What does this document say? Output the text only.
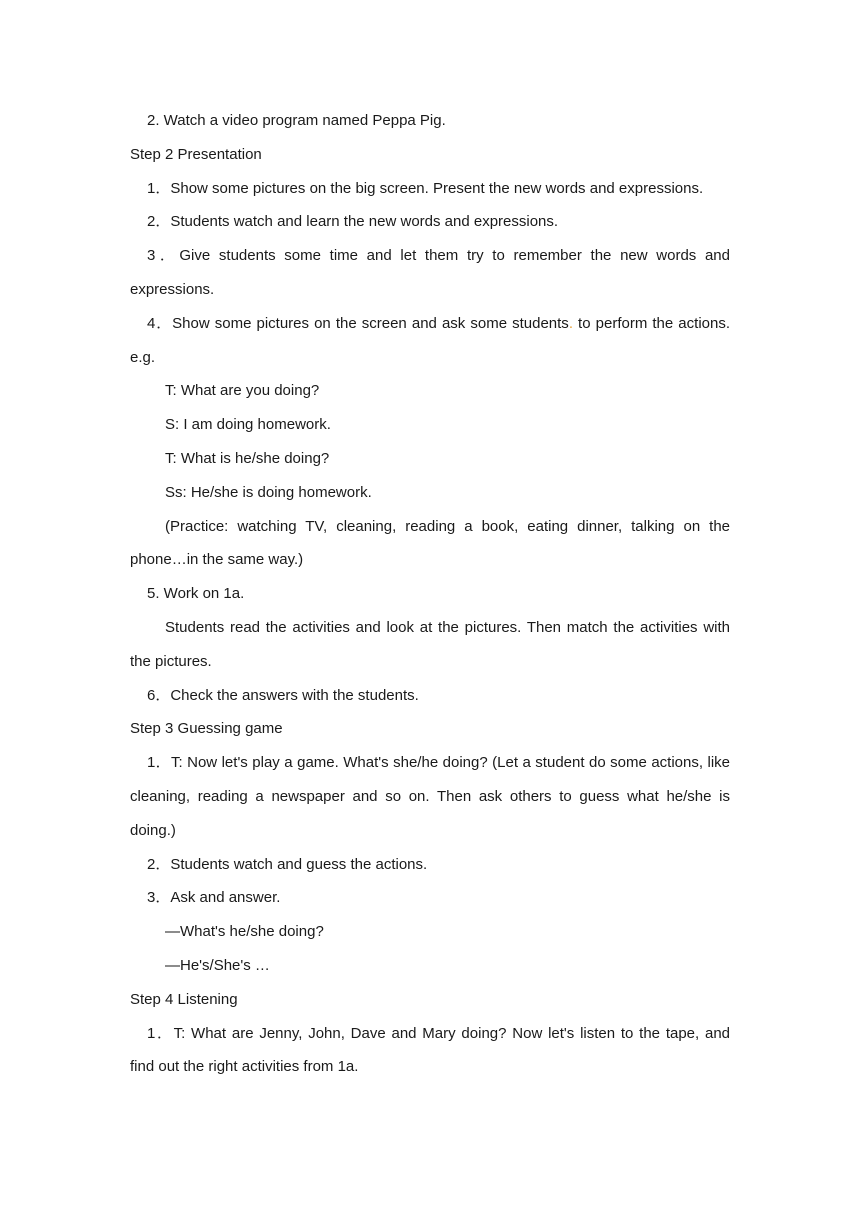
2. Watch a video program named Peppa Pig.

Step 2 Presentation

1．Show some pictures on the big screen. Present the new words and expressions.

2．Students watch and learn the new words and expressions.

3．Give students some time and let them try to remember the new words and expressions.

4．Show some pictures on the screen and ask some students. to perform the actions. e.g.

T: What are you doing?

S: I am doing homework.

T: What is he/she doing?

Ss: He/she is doing homework.

(Practice: watching TV, cleaning, reading a book, eating dinner, talking on the phone…in the same way.)

5. Work on 1a.

Students read the activities and look at the pictures. Then match the activities with the pictures.

6．Check the answers with the students.

Step 3 Guessing game

1．T: Now let's play a game. What's she/he doing? (Let a student do some actions, like cleaning, reading a newspaper and so on. Then ask others to guess what he/she is doing.)

2．Students watch and guess the actions.

3．Ask and answer.

—What's he/she doing?

—He's/She's …

Step 4 Listening

1．T: What are Jenny, John, Dave and Mary doing? Now let's listen to the tape, and find out the right activities from 1a.
